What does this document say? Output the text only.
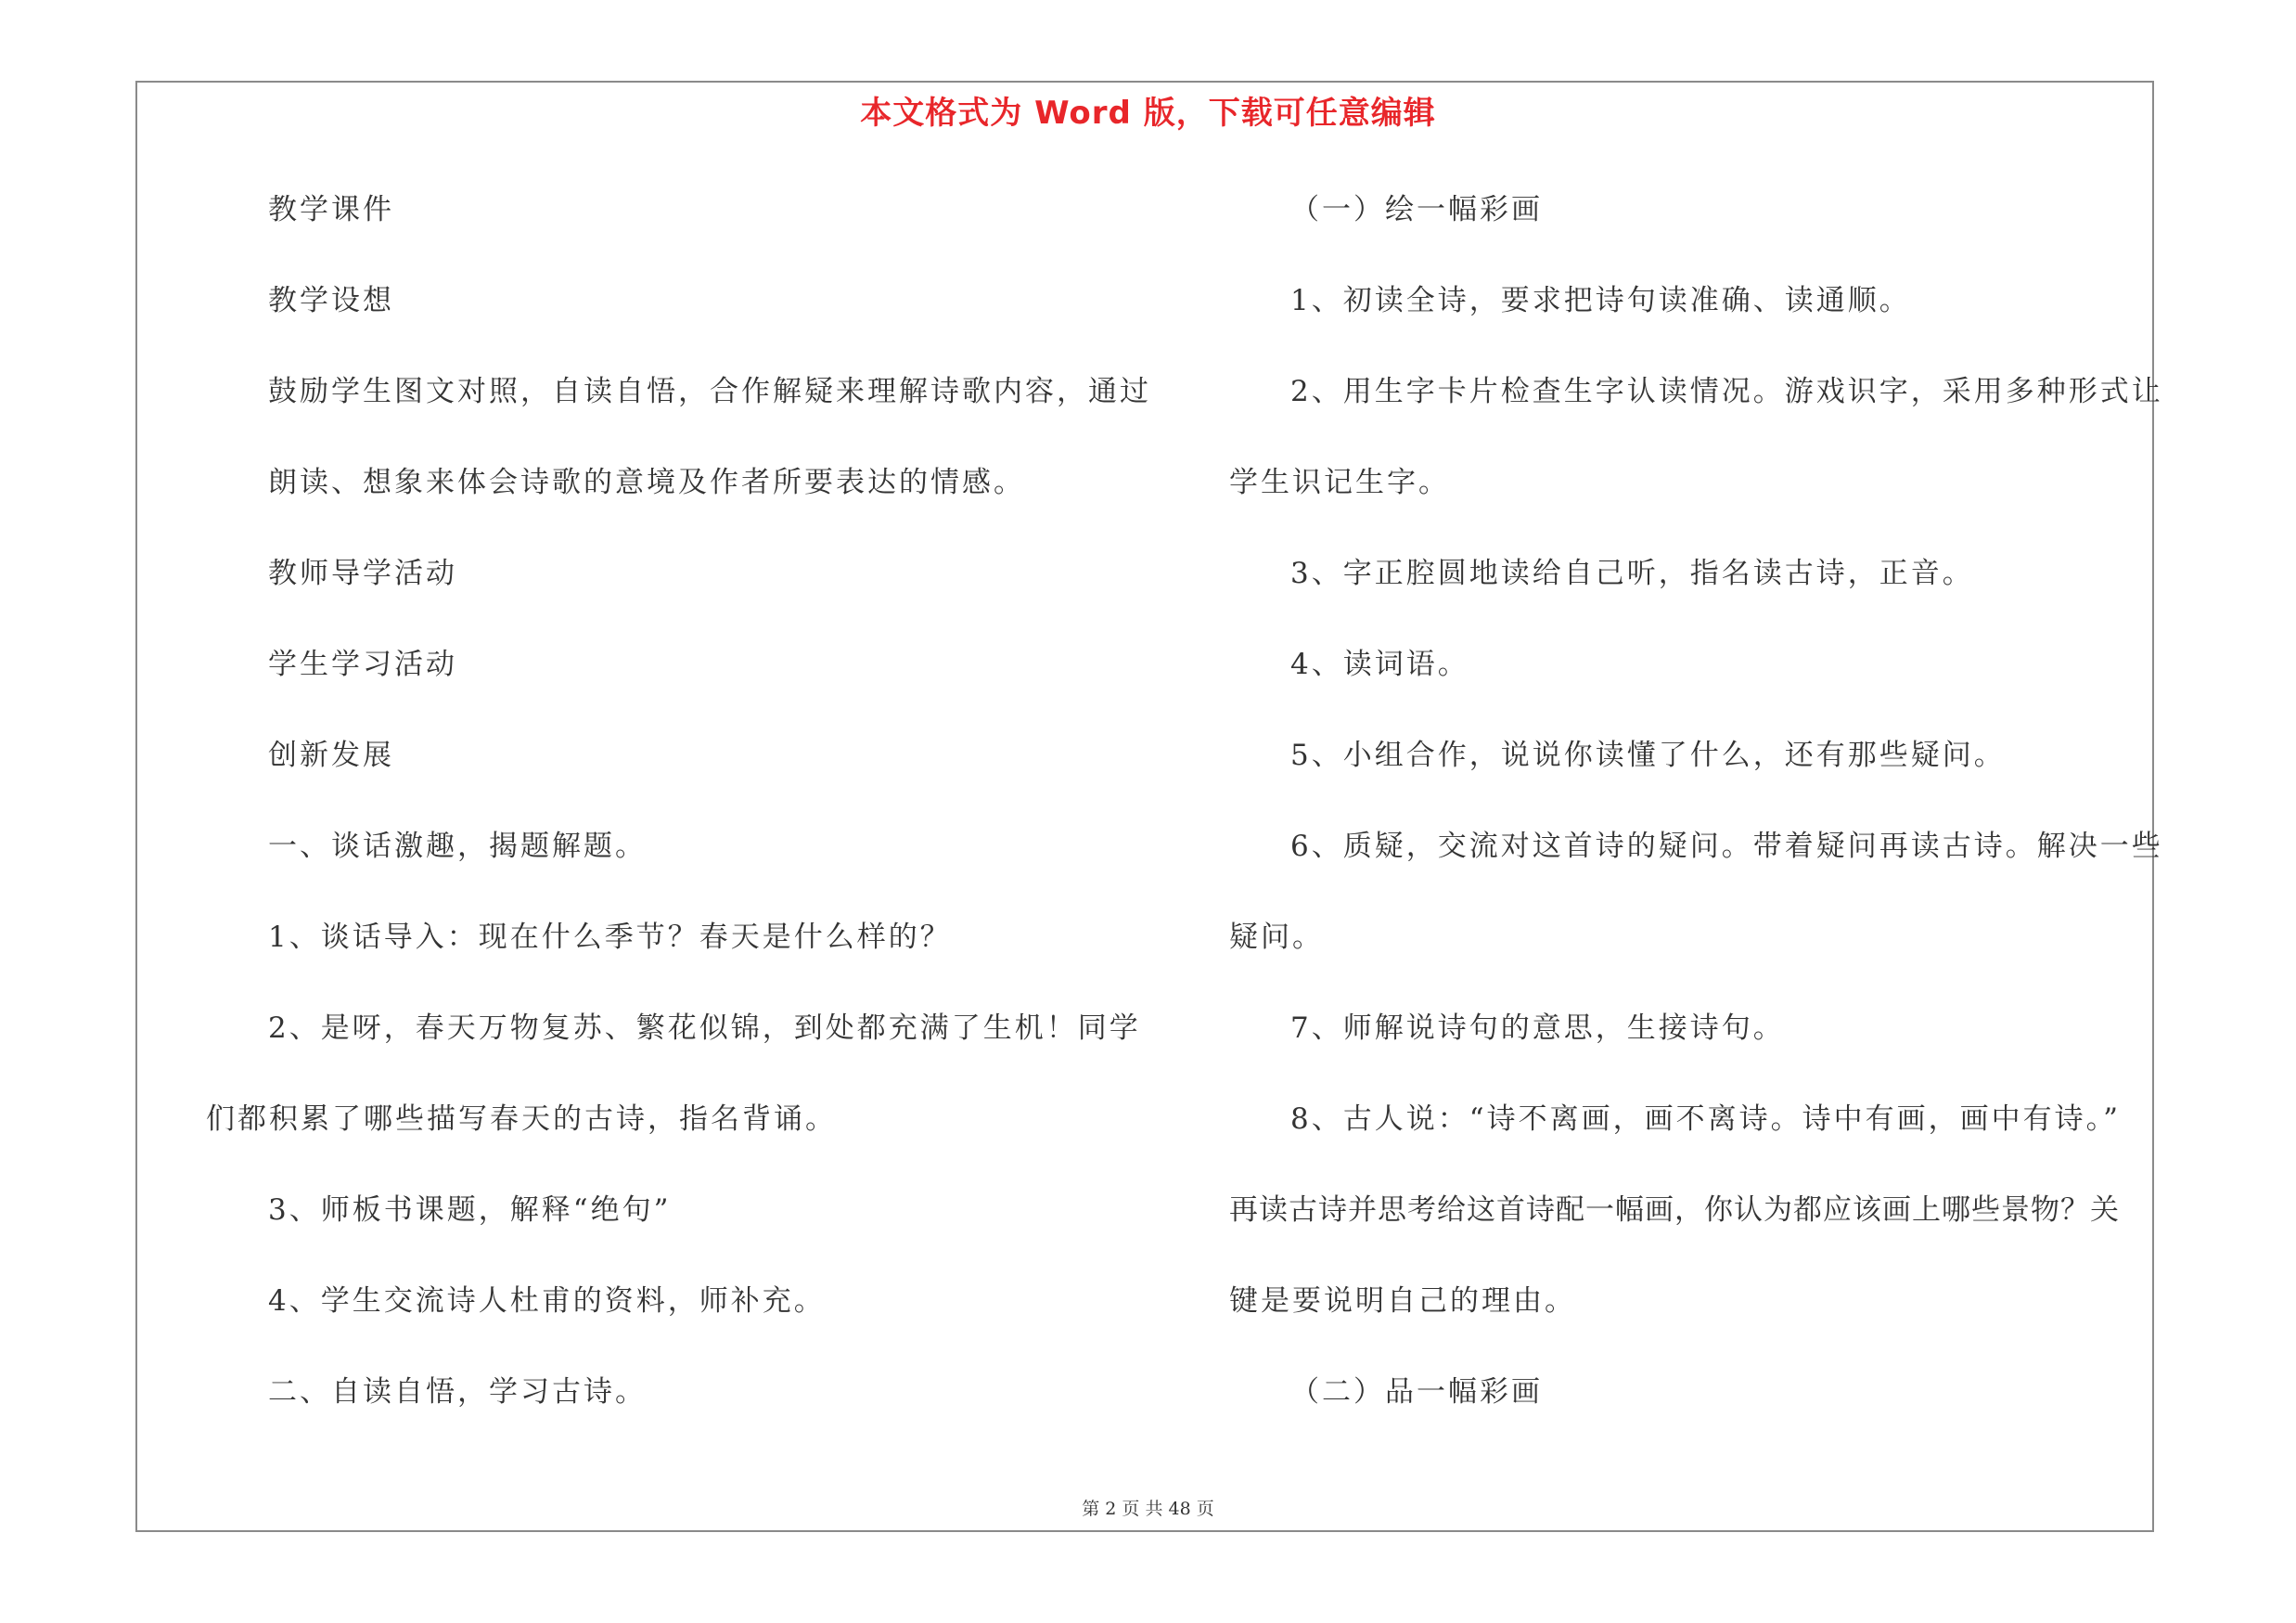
本文格式为 Word 版，下载可任意编辑
教学课件
教学设想
鼓励学生图文对照，自读自悟，合作解疑来理解诗歌内容，通过
朗读、想象来体会诗歌的意境及作者所要表达的情感。
教师导学活动
学生学习活动
创新发展
一、谈话激趣，揭题解题。
1、谈话导入：现在什么季节？春天是什么样的？
2、是呀，春天万物复苏、繁花似锦，到处都充满了生机！同学
们都积累了哪些描写春天的古诗，指名背诵。
3、师板书课题，解释“绝句”
4、学生交流诗人杜甫的资料，师补充。
二、自读自悟，学习古诗。
（一）绘一幅彩画
1、初读全诗，要求把诗句读准确、读通顺。
2、用生字卡片检查生字认读情况。游戏识字，采用多种形式让
学生识记生字。
3、字正腔圆地读给自己听，指名读古诗，正音。
4、读词语。
5、小组合作，说说你读懂了什么，还有那些疑问。
6、质疑，交流对这首诗的疑问。带着疑问再读古诗。解决一些
疑问。
7、师解说诗句的意思，生接诗句。
8、古人说：“诗不离画，画不离诗。诗中有画，画中有诗。”
再读古诗并思考给这首诗配一幅画，你认为都应该画上哪些景物？关
键是要说明自己的理由。
（二）品一幅彩画
第 2 页 共 48 页
